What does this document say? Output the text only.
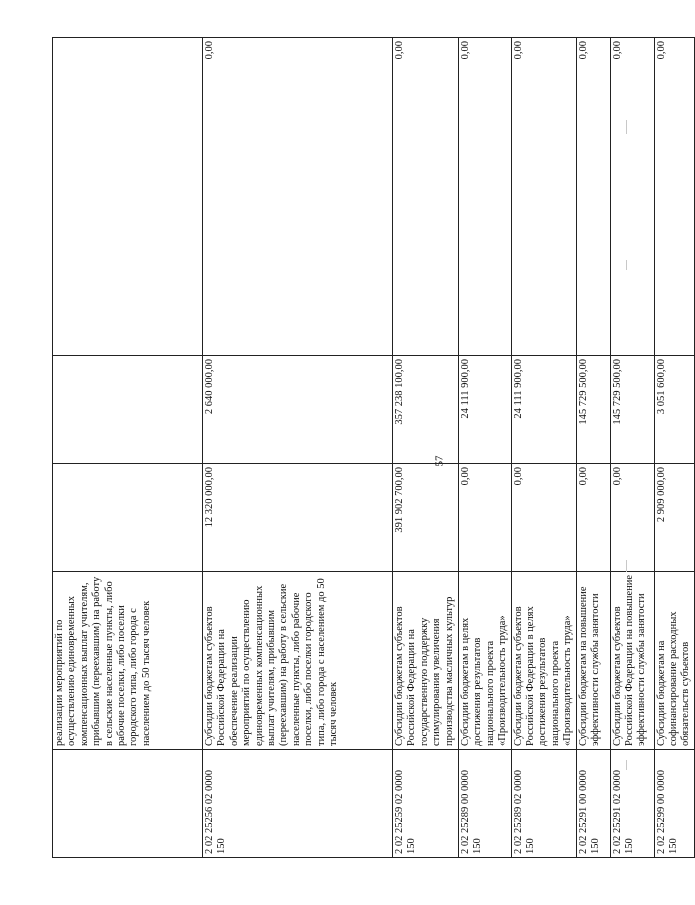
57
	реализации мероприятий по осуществлению единовременных компенсационных выплат учителям, прибывшим (переехавшим) на работу в сельские населенные пункты, либо рабочие поселки, либо поселки городского типа, либо города с населением до 50 тысяч человек			
2 02 25256 02 0000 150	Субсидии бюджетам субъектов Российской Федерации на обеспечение реализации мероприятий по осуществлению единовременных компенсационных выплат учителям, прибывшим (переехавшим) на работу в сельские населенные пункты, либо рабочие поселки, либо поселки городского типа, либо города с населением до 50 тысяч человек	12 320 000,00	2 640 000,00	0,00
2 02 25259 02 0000 150	Субсидии бюджетам субъектов Российской Федерации на государственную поддержку стимулирования увеличения производства масличных культур	391 902 700,00	357 238 100,00	0,00
2 02 25289 00 0000 150	Субсидии бюджетам в целях достижения результатов национального проекта «Производительность труда»	0,00	24 111 900,00	0,00
2 02 25289 02 0000 150	Субсидии бюджетам субъектов Российской Федерации в целях достижения результатов национального проекта «Производительность труда»	0,00	24 111 900,00	0,00
2 02 25291 00 0000 150	Субсидии бюджетам на повышение эффективности службы занятости	0,00	145 729 500,00	0,00
2 02 25291 02 0000 150	Субсидии бюджетам субъектов Российской Федерации на повышение эффективности службы занятости	0,00	145 729 500,00	0,00
2 02 25299 00 0000 150	Субсидии бюджетам на софинансирование расходных обязательств субъектов	2 909 000,00	3 051 600,00	0,00
